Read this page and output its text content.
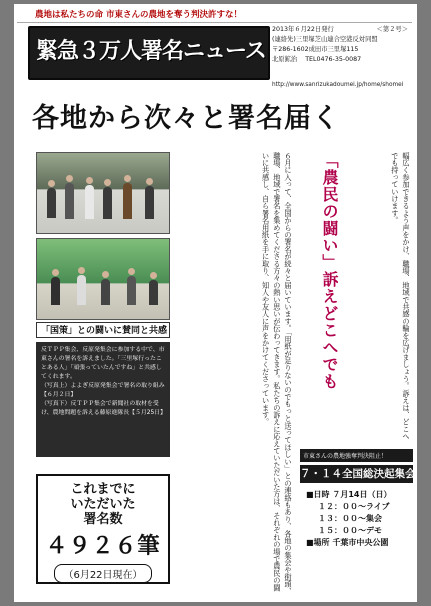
農地は私たちの命 市東さんの農地を奪う判決許すな！
緊急３万人署名ニュース
2013年６月22日発行	＜第２号＞
(連絡先)三里塚芝山連合空港反対同盟
〒286-1602成田市三里塚115
北原鉱治 TEL0476-35-0087
http://www.sanrizukadoumei.jp/home/shomei
各地から次々と署名届く
「国策」との闘いに賛同と共感

反ＴＰＰ集会、反原発集会に参加する中で、市東さんの署名を訴えました。「三里塚行ったことある人」「頑張っていたんですね」と共感してくれます。

（写真上）よよぎ反原発集会で署名の取り組み【６月２日】

（写真下）反ＴＰＰ集会で新聞社の取材を受け、農地問題を訴える藤原進隊長【５月25日】

これまでに
いただいた
署名数
４９２６筆
（6月22日現在）	６月に入って、全国からの署名が続々と届いています。「用紙が足りないのでもっと送ってほしい」との連絡もあり、各地の集会や街頭、職場、地域で署名を集めてくださる方々の熱い思いが伝わってきます。私たちの訴えに応えていただいた方は、それぞれの場で農民の闘いに共感し、自ら署名用紙を手に取り、知人や友人に声をかけてくださっています。	「農民の闘い」訴えどこへでも	幅広く参加できるよう声をかけ、職場、地域で共感の輪を広げましょう。訴えは、どこへでも持っていけます。
市東さんの農地強奪判決阻止！
７・１４全国総決起集会
■日時 ７月14日（日）
１２：００～ライブ
１３：００～集会
１５：００～デモ
■場所 千葉市中央公園
